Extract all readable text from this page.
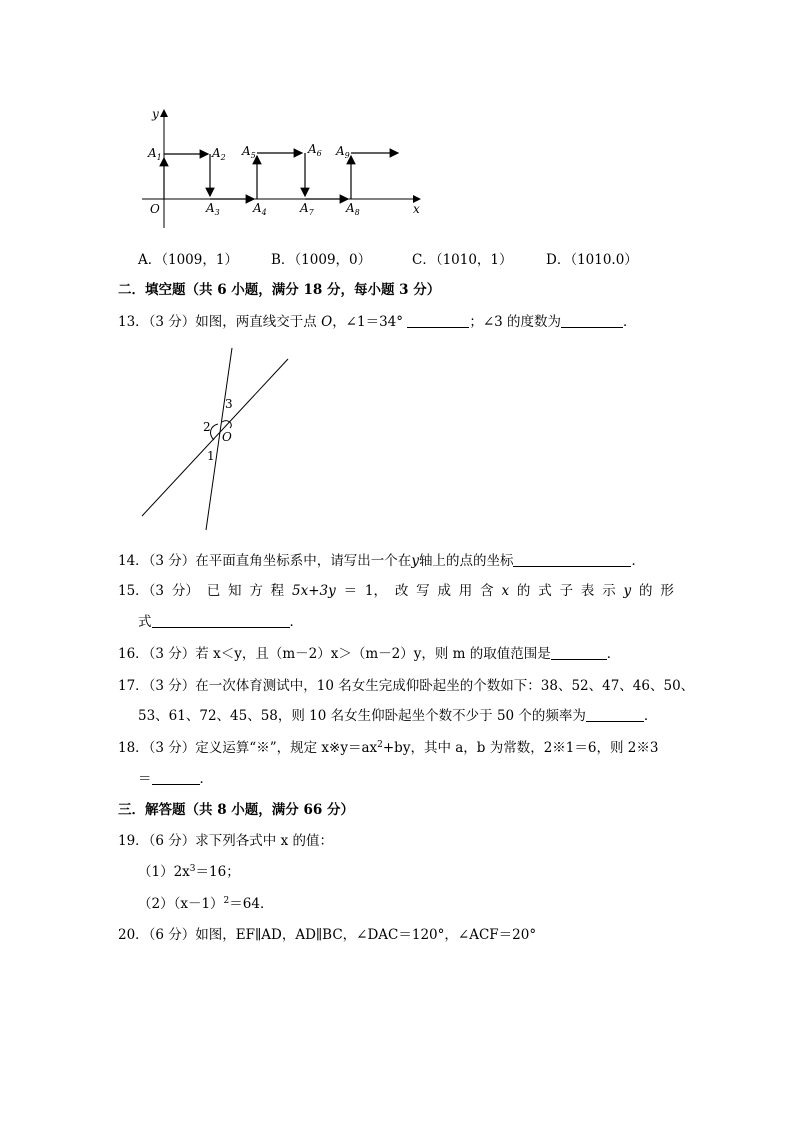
y
x
O
$A_1$	$A_2$
$A_3$	$A_4$
$A_5$	$A_6$
$A_7$	$A_8$
$A_9$
A．（1009，1） B．（1009，0）	C．（1010，1） D．（1010.0）
二．填空题（共 6 小题，满分 18 分，每小题 3 分）
13．（3 分）如图，两直线交于点 O，∠1＝34°	；∠3 的度数为	．
3
2
1
O
14．（3 分）在平面直角坐标系中，请写出一个在y轴上的点的坐标	．
15．（3 分） 已 知 方 程 5x+3y ＝ 1， 改 写 成 用 含 x 的 式 子 表 示 y 的 形
式	．
16．（3 分）若 x＜y，且（m－2）x＞（m－2）y，则 m 的取值范围是	．
17．（3 分）在一次体育测试中，10 名女生完成仰卧起坐的个数如下：38、52、47、46、50、
53、61、72、45、58，则 10 名女生仰卧起坐个数不少于 50 个的频率为	．
18．（3 分）定义运算“※”，规定 $x※y=ax^2+by$，其中 a，b 为常数，2※1＝6，则 2※3
＝	．
三．解答题（共 8 小题，满分 66 分）
19．（6 分）求下列各式中 x 的值：
$(1)2x^3=16$；
$(2)(x-1)^2=64$．
20．（6 分）如图，EF∥AD，AD∥BC，∠DAC＝120°，∠ACF＝20°
